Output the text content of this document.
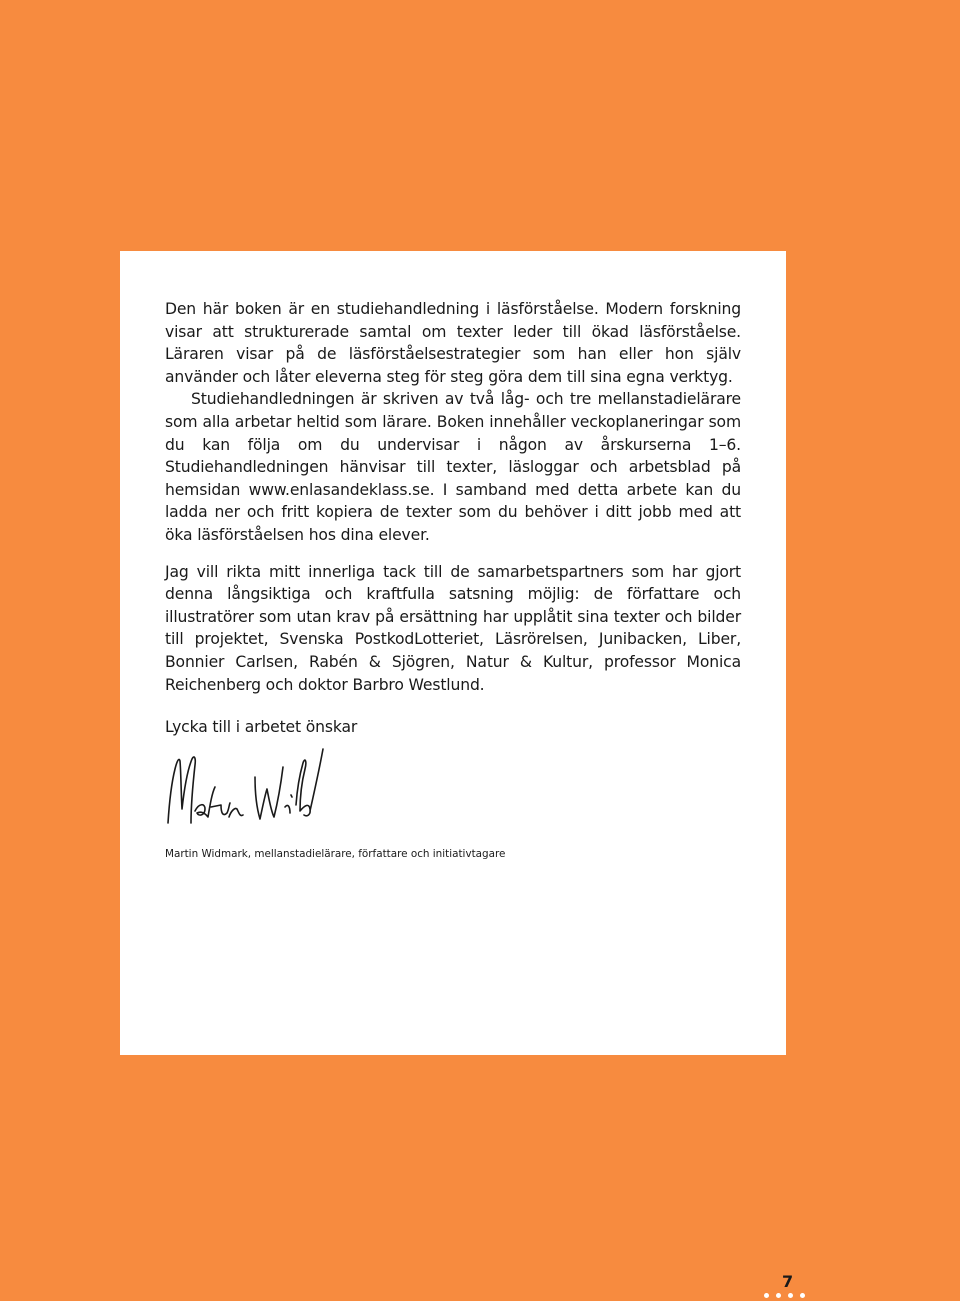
Den här boken är en studiehandledning i läsförståelse. Modern forskning visar att strukturerade samtal om texter leder till ökad läsförståelse. Läraren visar på de läsförståelsestrategier som han eller hon själv använder och låter eleverna steg för steg göra dem till sina egna verktyg.

Studiehandledningen är skriven av två låg- och tre mellanstadielärare som alla arbetar heltid som lärare. Boken innehåller veckoplaneringar som du kan följa om du undervisar i någon av årskurserna 1–6. Studiehandledningen hänvisar till texter, läsloggar och arbetsblad på hemsidan www.enlasandeklass.se. I samband med detta arbete kan du ladda ner och fritt kopiera de texter som du behöver i ditt jobb med att öka läsförståelsen hos dina elever.

Jag vill rikta mitt innerliga tack till de samarbetspartners som har gjort denna långsiktiga och kraftfulla satsning möjlig: de författare och illustratörer som utan krav på ersättning har upplåtit sina texter och bilder till projektet, Svenska PostkodLotteriet, Läsrörelsen, Junibacken, Liber, Bonnier Carlsen, Rabén & Sjögren, Natur & Kultur, professor Monica Reichenberg och doktor Barbro Westlund.

Lycka till i arbetet önskar

Martin Widmark, mellanstadielärare, författare och initiativtagare

7
